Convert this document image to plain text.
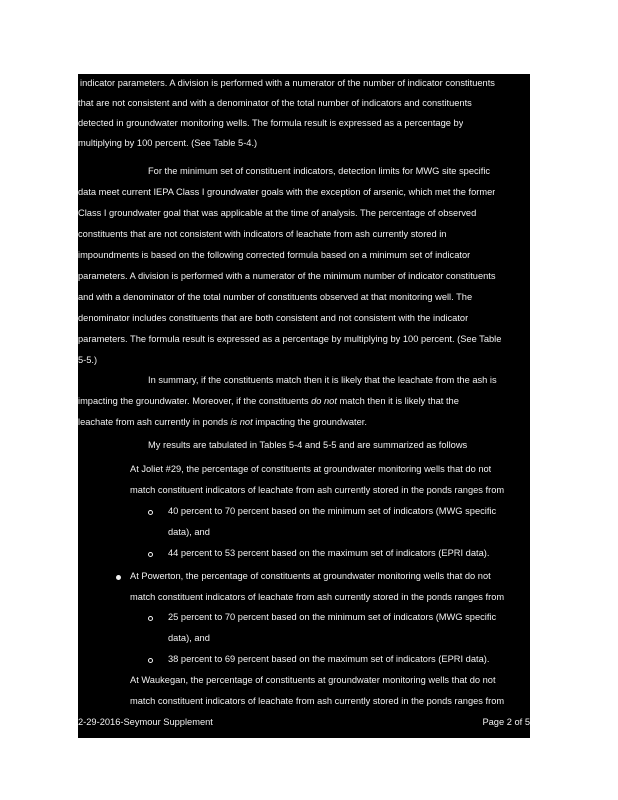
indicator parameters. A division is performed with a numerator of the number of indicator constituents
that are not consistent and with a denominator of the total number of indicators and constituents
detected in groundwater monitoring wells. The formula result is expressed as a percentage by
multiplying by 100 percent. (See Table 5-4.)
For the minimum set of constituent indicators, detection limits for MWG site specific
data meet current IEPA Class I groundwater goals with the exception of arsenic, which met the former
Class I groundwater goal that was applicable at the time of analysis. The percentage of observed
constituents that are not consistent with indicators of leachate from ash currently stored in
impoundments is based on the following corrected formula based on a minimum set of indicator
parameters. A division is performed with a numerator of the minimum number of indicator constituents
and with a denominator of the total number of constituents observed at that monitoring well. The
denominator includes constituents that are both consistent and not consistent with the indicator
parameters. The formula result is expressed as a percentage by multiplying by 100 percent. (See Table
5-5.)
In summary, if the constituents match then it is likely that the leachate from the ash is
impacting the groundwater. Moreover, if the constituents do not match then it is likely that the
leachate from ash currently in ponds is not impacting the groundwater.
My results are tabulated in Tables 5-4 and 5-5 and are summarized as follows
At Joliet #29, the percentage of constituents at groundwater monitoring wells that do not
match constituent indicators of leachate from ash currently stored in the ponds ranges from
40 percent to 70 percent based on the minimum set of indicators (MWG specific
data), and
44 percent to 53 percent based on the maximum set of indicators (EPRI data).
At Powerton, the percentage of constituents at groundwater monitoring wells that do not
match constituent indicators of leachate from ash currently stored in the ponds ranges from
25 percent to 70 percent based on the minimum set of indicators (MWG specific
data), and
38 percent to 69 percent based on the maximum set of indicators (EPRI data).
At Waukegan, the percentage of constituents at groundwater monitoring wells that do not
match constituent indicators of leachate from ash currently stored in the ponds ranges from
2-29-2016-Seymour Supplement	Page 2 of 5
